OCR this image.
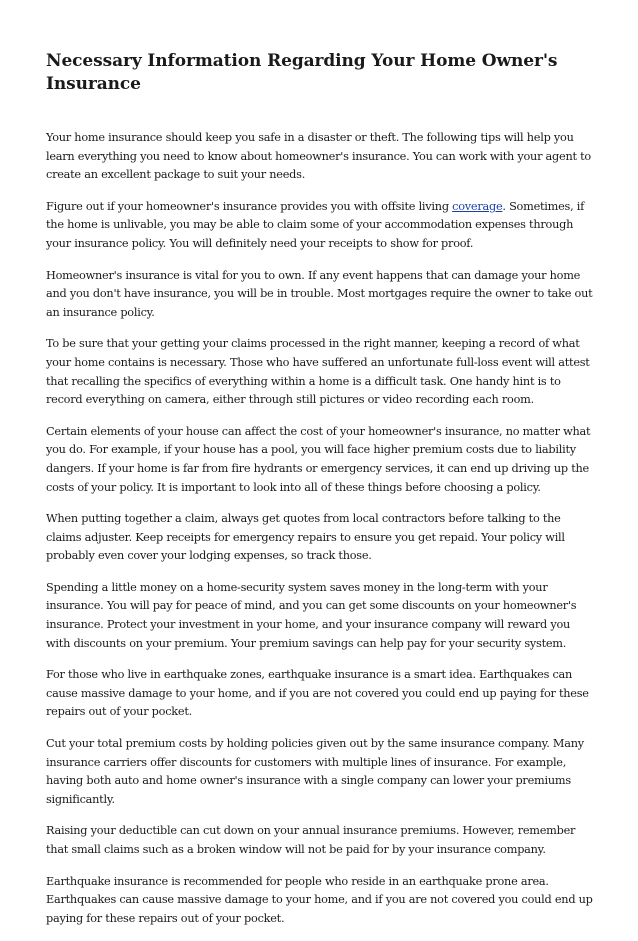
Necessary Information Regarding Your Home Owner's Insurance

Your home insurance should keep you safe in a disaster or theft. The following tips will help you learn everything you need to know about homeowner's insurance. You can work with your agent to create an excellent package to suit your needs.

Figure out if your homeowner's insurance provides you with offsite living coverage. Sometimes, if the home is unlivable, you may be able to claim some of your accommodation expenses through your insurance policy. You will definitely need your receipts to show for proof.

Homeowner's insurance is vital for you to own. If any event happens that can damage your home and you don't have insurance, you will be in trouble. Most mortgages require the owner to take out an insurance policy.

To be sure that your getting your claims processed in the right manner, keeping a record of what your home contains is necessary. Those who have suffered an unfortunate full-loss event will attest that recalling the specifics of everything within a home is a difficult task. One handy hint is to record everything on camera, either through still pictures or video recording each room.

Certain elements of your house can affect the cost of your homeowner's insurance, no matter what you do. For example, if your house has a pool, you will face higher premium costs due to liability dangers. If your home is far from fire hydrants or emergency services, it can end up driving up the costs of your policy. It is important to look into all of these things before choosing a policy.

When putting together a claim, always get quotes from local contractors before talking to the claims adjuster. Keep receipts for emergency repairs to ensure you get repaid. Your policy will probably even cover your lodging expenses, so track those.

Spending a little money on a home-security system saves money in the long-term with your insurance. You will pay for peace of mind, and you can get some discounts on your homeowner's insurance. Protect your investment in your home, and your insurance company will reward you with discounts on your premium. Your premium savings can help pay for your security system.

For those who live in earthquake zones, earthquake insurance is a smart idea. Earthquakes can cause massive damage to your home, and if you are not covered you could end up paying for these repairs out of your pocket.

Cut your total premium costs by holding policies given out by the same insurance company. Many insurance carriers offer discounts for customers with multiple lines of insurance. For example, having both auto and home owner's insurance with a single company can lower your premiums significantly.

Raising your deductible can cut down on your annual insurance premiums. However, remember that small claims such as a broken window will not be paid for by your insurance company.

Earthquake insurance is recommended for people who reside in an earthquake prone area. Earthquakes can cause massive damage to your home, and if you are not covered you could end up paying for these repairs out of your pocket.
